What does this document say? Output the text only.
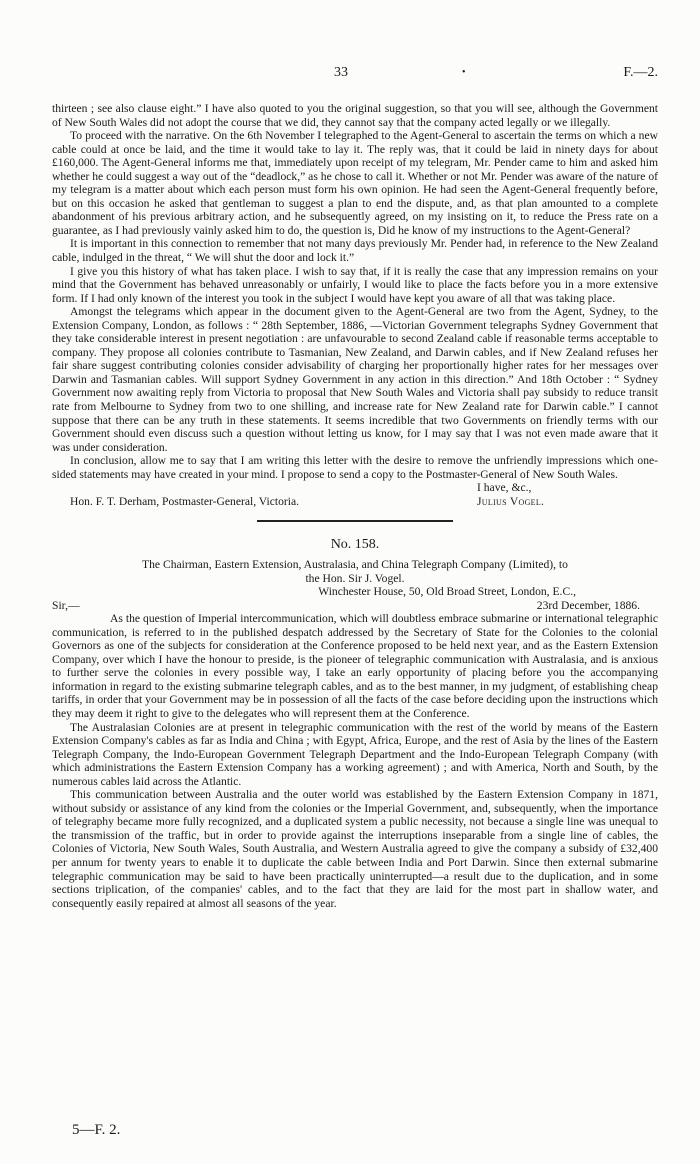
33	•	F.—2.

thirteen ; see also clause eight.” I have also quoted to you the original suggestion, so that you will see, although the Government of New South Wales did not adopt the course that we did, they cannot say that the company acted legally or we illegally.

To proceed with the narrative. On the 6th November I telegraphed to the Agent-General to ascertain the terms on which a new cable could at once be laid, and the time it would take to lay it. The reply was, that it could be laid in ninety days for about £160,000. The Agent-General informs me that, immediately upon receipt of my telegram, Mr. Pender came to him and asked him whether he could suggest a way out of the “deadlock,” as he chose to call it. Whether or not Mr. Pender was aware of the nature of my telegram is a matter about which each person must form his own opinion. He had seen the Agent-General frequently before, but on this occasion he asked that gentleman to suggest a plan to end the dispute, and, as that plan amounted to a complete abandonment of his previous arbitrary action, and he subsequently agreed, on my insisting on it, to reduce the Press rate on a guarantee, as I had previously vainly asked him to do, the question is, Did he know of my instructions to the Agent-General?

It is important in this connection to remember that not many days previously Mr. Pender had, in reference to the New Zealand cable, indulged in the threat, “ We will shut the door and lock it.”

I give you this history of what has taken place. I wish to say that, if it is really the case that any impression remains on your mind that the Government has behaved unreasonably or unfairly, I would like to place the facts before you in a more extensive form. If I had only known of the interest you took in the subject I would have kept you aware of all that was taking place.

Amongst the telegrams which appear in the document given to the Agent-General are two from the Agent, Sydney, to the Extension Company, London, as follows : “ 28th September, 1886, —Victorian Government telegraphs Sydney Government that they take considerable interest in present negotiation : are unfavourable to second Zealand cable if reasonable terms acceptable to company. They propose all colonies contribute to Tasmanian, New Zealand, and Darwin cables, and if New Zealand refuses her fair share suggest contributing colonies consider advisability of charging her proportionally higher rates for her messages over Darwin and Tasmanian cables. Will support Sydney Government in any action in this direction.” And 18th October : “ Sydney Government now awaiting reply from Victoria to proposal that New South Wales and Victoria shall pay subsidy to reduce transit rate from Melbourne to Sydney from two to one shilling, and increase rate for New Zealand rate for Darwin cable.” I cannot suppose that there can be any truth in these statements. It seems incredible that two Governments on friendly terms with our Government should even discuss such a question without letting us know, for I may say that I was not even made aware that it was under consideration.

In conclusion, allow me to say that I am writing this letter with the desire to remove the unfriendly impressions which one-sided statements may have created in your mind. I propose to send a copy to the Postmaster-General of New South Wales.

I have, &c.,
Hon. F. T. Derham, Postmaster-General, Victoria.	Julius Vogel.
No. 158.

The Chairman, Eastern Extension, Australasia, and China Telegraph Company (Limited), to

the Hon. Sir J. Vogel.

Winchester House, 50, Old Broad Street, London, E.C.,

Sir,—	23rd December, 1886.

As the question of Imperial intercommunication, which will doubtless embrace submarine or international telegraphic communication, is referred to in the published despatch addressed by the Secretary of State for the Colonies to the colonial Governors as one of the subjects for consideration at the Conference proposed to be held next year, and as the Eastern Extension Company, over which I have the honour to preside, is the pioneer of telegraphic communication with Australasia, and is anxious to further serve the colonies in every possible way, I take an early opportunity of placing before you the accompanying information in regard to the existing submarine telegraph cables, and as to the best manner, in my judgment, of establishing cheap tariffs, in order that your Government may be in possession of all the facts of the case before deciding upon the instructions which they may deem it right to give to the delegates who will represent them at the Conference.

The Australasian Colonies are at present in telegraphic communication with the rest of the world by means of the Eastern Extension Company's cables as far as India and China ; with Egypt, Africa, Europe, and the rest of Asia by the lines of the Eastern Telegraph Company, the Indo-European Government Telegraph Department and the Indo-European Telegraph Company (with which administrations the Eastern Extension Company has a working agreement) ; and with America, North and South, by the numerous cables laid across the Atlantic.

This communication between Australia and the outer world was established by the Eastern Extension Company in 1871, without subsidy or assistance of any kind from the colonies or the Imperial Government, and, subsequently, when the importance of telegraphy became more fully recognized, and a duplicated system a public necessity, not because a single line was unequal to the transmission of the traffic, but in order to provide against the interruptions inseparable from a single line of cables, the Colonies of Victoria, New South Wales, South Australia, and Western Australia agreed to give the company a subsidy of £32,400 per annum for twenty years to enable it to duplicate the cable between India and Port Darwin. Since then external submarine telegraphic communication may be said to have been practically uninterrupted—a result due to the duplication, and in some sections triplication, of the companies' cables, and to the fact that they are laid for the most part in shallow water, and consequently easily repaired at almost all seasons of the year.

5—F. 2.
